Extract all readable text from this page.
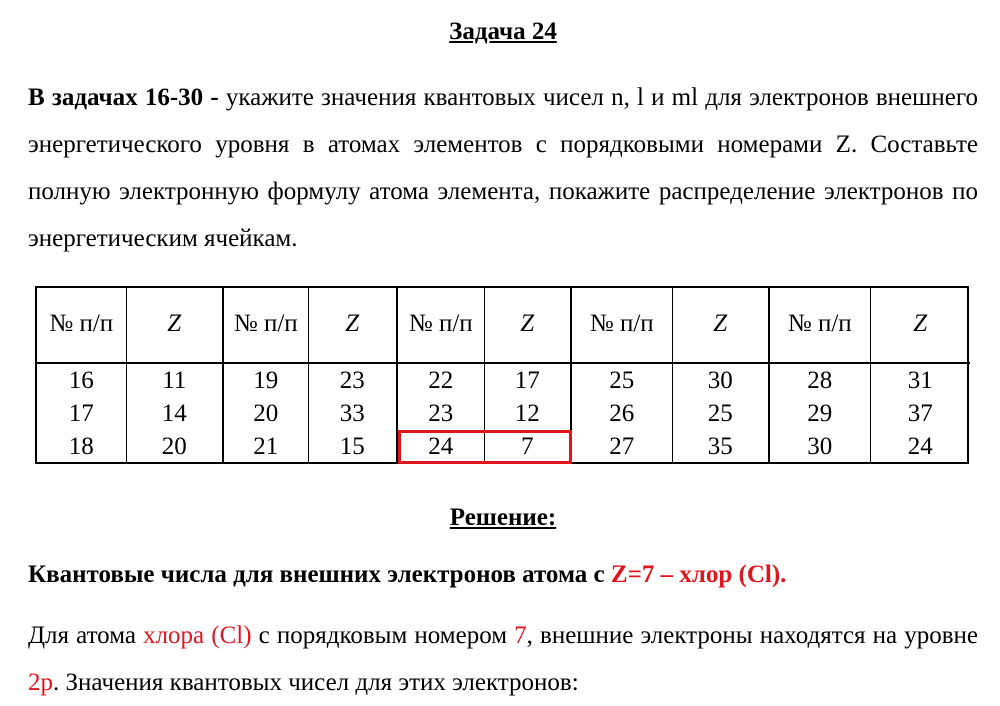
Задача 24
В задачах 16-30 - укажите значения квантовых чисел n, l и ml для электронов внешнего энергетического уровня в атомах элементов с порядковыми номерами Z. Составьте полную электронную формулу атома элемента, покажите распределение электронов по энергетическим ячейкам.
№ п/п	Z	№ п/п	Z	№ п/п	Z	№ п/п	Z	№ п/п	Z
16	11	19	23	22	17	25	30	28	31
17	14	20	33	23	12	26	25	29	37
18	20	21	15	24	7	27	35	30	24
Решение:
Квантовые числа для внешних электронов атома с Z=7 – хлор (Cl).
Для атома хлора (Cl) с порядковым номером 7, внешние электроны находятся на уровне 2p. Значения квантовых чисел для этих электронов:
